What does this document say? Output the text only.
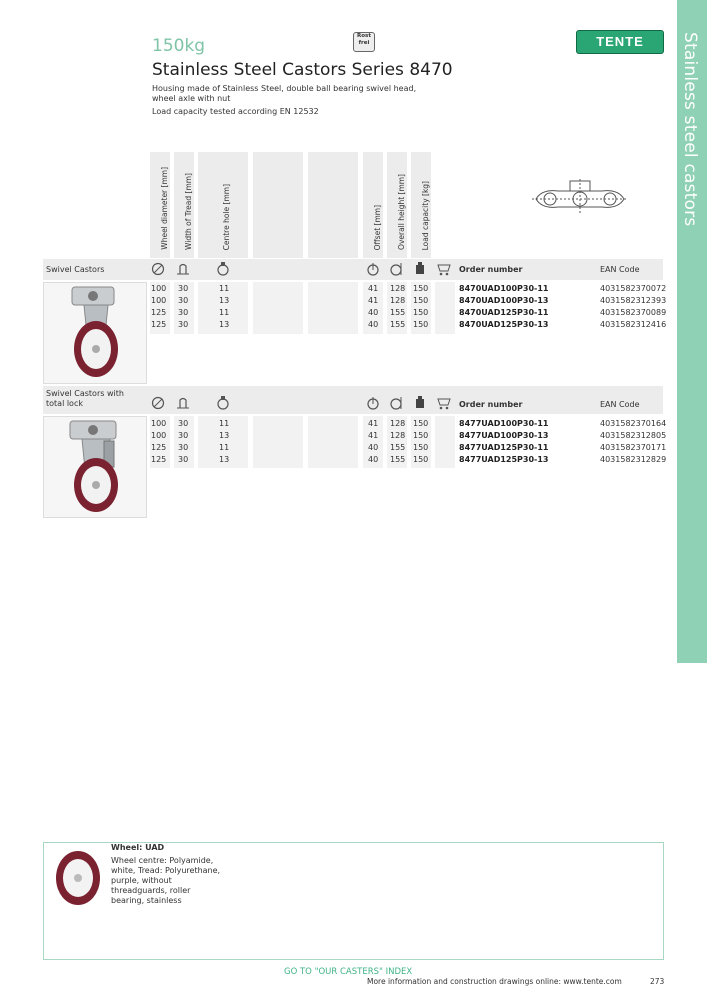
Stainless steel castors
150kg
Stainless Steel Castors Series 8470
Housing made of Stainless Steel, double ball bearing swivel head, wheel axle with nut
Load capacity tested according EN 12532
Rost frei	TENTE
Wheel diameter [mm] Width of Tread [mm]	Centre hole [mm]	Offset [mm] Overall height [mm] Load capacity [kg]
Swivel Castors	Order number	EAN Code
100 30	11	41 128 150	8470UAD100P30-11	4031582370072
100 30	13	41 128 150	8470UAD100P30-13	4031582312393
125 30	11	40 155 150	8470UAD125P30-11	4031582370089
125 30	13	40 155 150	8470UAD125P30-13	4031582312416
Swivel Castors with total lock	Order number	EAN Code
100 30	11	41 128 150	8477UAD100P30-11	4031582370164
100 30	13	41 128 150	8477UAD100P30-13	4031582312805
125 30	11	40 155 150	8477UAD125P30-11	4031582370171
125 30	13	40 155 150	8477UAD125P30-13	4031582312829
Wheel: UAD
Wheel centre: Polyamide, white, Tread: Polyurethane, purple, without threadguards, roller bearing, stainless
GO TO "OUR CASTERS" INDEX
More information and construction drawings online: www.tente.com	273
